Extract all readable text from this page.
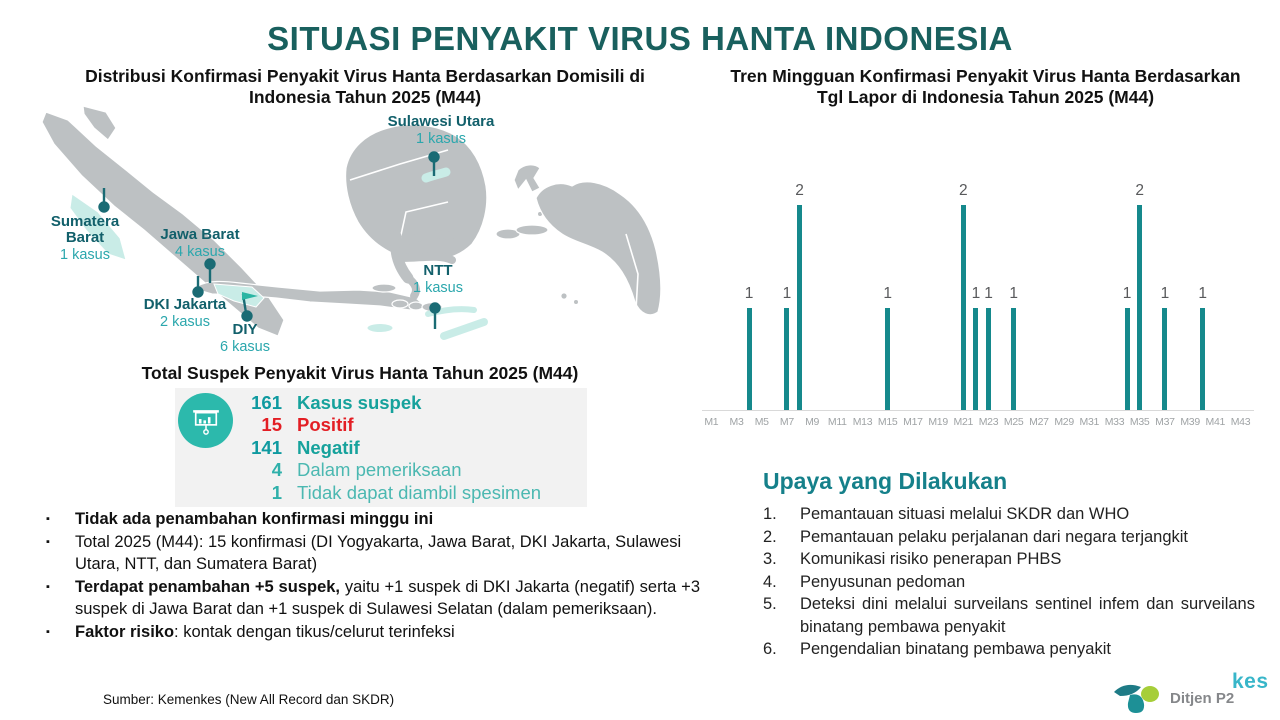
SITUASI PENYAKIT VIRUS HANTA INDONESIA
Distribusi Konfirmasi Penyakit Virus Hanta Berdasarkan Domisili di Indonesia Tahun 2025 (M44)
Tren Mingguan Konfirmasi Penyakit Virus Hanta Berdasarkan Tgl Lapor di Indonesia Tahun 2025 (M44)
Sulawesi Utara
1 kasus
Sumatera Barat
1 kasus
Jawa Barat
4 kasus
DKI Jakarta
2 kasus	DIY
6 kasus
NTT
1 kasus
Total Suspek Penyakit Virus Hanta Tahun 2025 (M44)
161 Kasus suspek
15 Positif
141 Negatif
4 Dalam pemeriksaan
1 Tidak dapat diambil spesimen
▪ Tidak ada penambahan konfirmasi minggu ini
▪ Total 2025 (M44): 15 konfirmasi (DI Yogyakarta, Jawa Barat, DKI Jakarta, Sulawesi Utara, NTT, dan Sumatera Barat)
▪ Terdapat penambahan +5 suspek, yaitu +1 suspek di DKI Jakarta (negatif) serta +3 suspek di Jawa Barat dan +1 suspek di Sulawesi Selatan (dalam pemeriksaan).
▪ Faktor risiko: kontak dengan tikus/celurut terinfeksi
Sumber: Kemenkes (New All Record dan SKDR)
1	1
2
1
2
1 1	1	1
2
1	1
M1	M3	M5	M7	M9 M11 M13 M15 M17 M19 M21 M23 M25 M27 M29 M31 M33 M35 M37 M39 M41 M43
Upaya yang Dilakukan
1.	Pemantauan situasi melalui SKDR dan WHO
2.	Pemantauan pelaku perjalanan dari negara terjangkit
3.	Komunikasi risiko penerapan PHBS
4.	Penyusunan pedoman
5.	Deteksi dini melalui surveilans sentinel infem dan surveilans binatang pembawa penyakit
6.	Pengendalian binatang pembawa penyakit
kes
Ditjen P2
